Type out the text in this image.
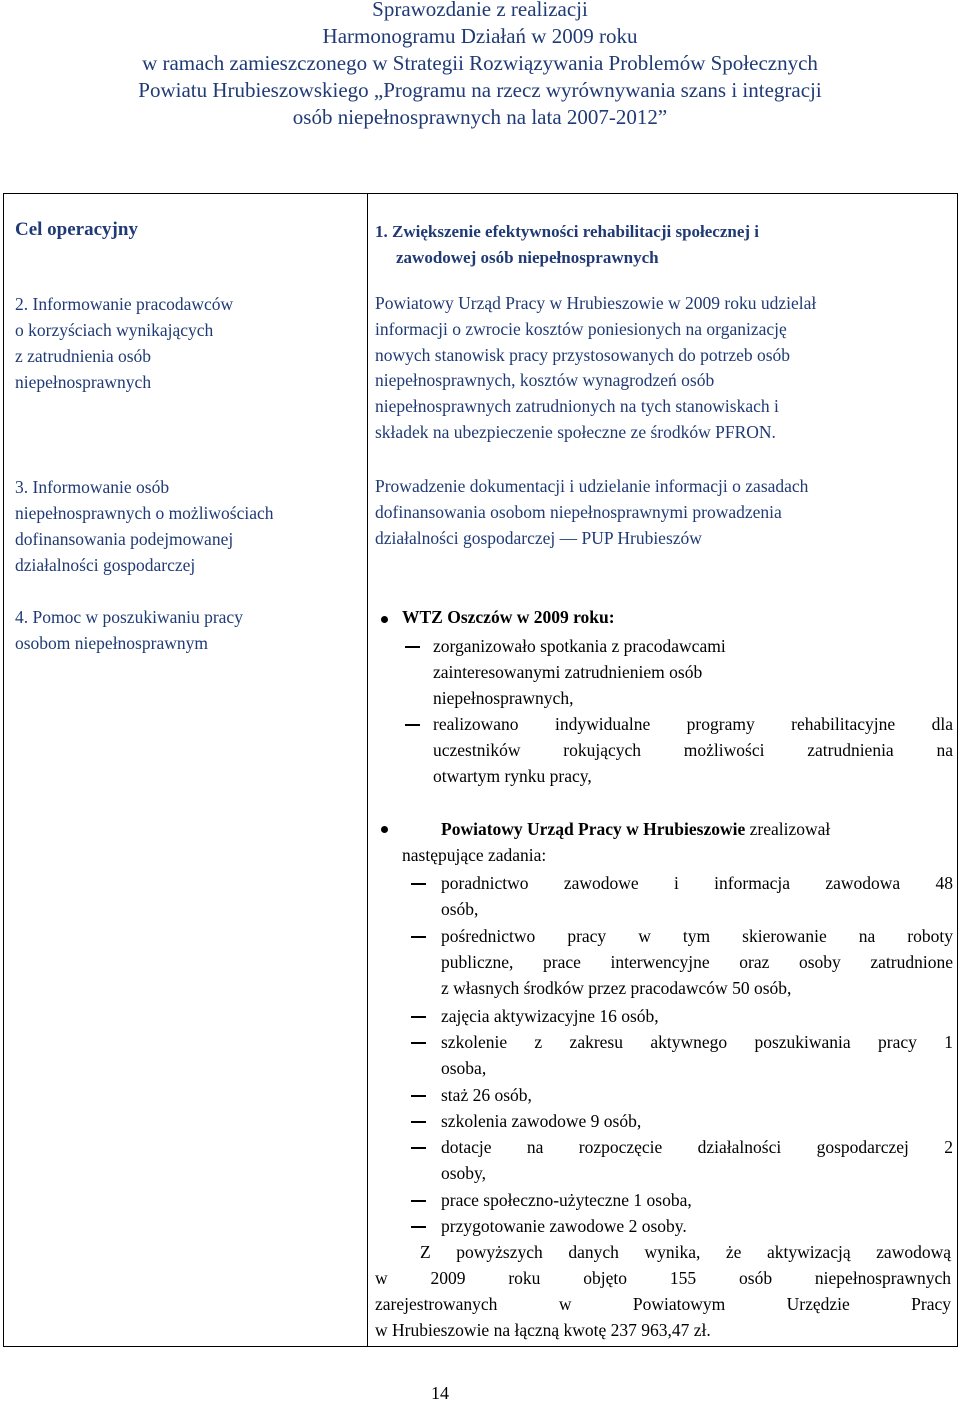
Sprawozdanie z realizacji
Harmonogramu Działań w 2009 roku
w ramach zamieszczonego w Strategii Rozwiązywania Problemów Społecznych
Powiatu Hrubieszowskiego „Programu na rzecz wyrównywania szans i integracji
osób niepełnosprawnych na lata 2007-2012”
Cel operacyjny	1. Zwiększenie efektywności rehabilitacji społecznej i
zawodowej osób niepełnosprawnych
2. Informowanie pracodawców
o korzyściach wynikających
z zatrudnienia osób
niepełnosprawnych
Powiatowy Urząd Pracy w Hrubieszowie w 2009 roku udzielał
informacji o zwrocie kosztów poniesionych na organizację
nowych stanowisk pracy przystosowanych do potrzeb osób
niepełnosprawnych, kosztów wynagrodzeń osób
niepełnosprawnych zatrudnionych na tych stanowiskach i
składek na ubezpieczenie społeczne ze środków PFRON.
3. Informowanie osób
niepełnosprawnych o możliwościach
dofinansowania podejmowanej
działalności gospodarczej
Prowadzenie dokumentacji i udzielanie informacji o zasadach
dofinansowania osobom niepełnosprawnymi prowadzenia
działalności gospodarczej — PUP Hrubieszów
4. Pomoc w poszukiwaniu pracy
osobom niepełnosprawnym
WTZ Oszczów w 2009 roku:
zorganizowało spotkania z pracodawcami
zainteresowanymi zatrudnieniem osób
niepełnosprawnych,
realizowano indywidualne programy rehabilitacyjne dla
uczestników rokujących możliwości zatrudnienia na
otwartym rynku pracy,
Powiatowy Urząd Pracy w Hrubieszowie zrealizował
następujące zadania:
poradnictwo zawodowe i informacja zawodowa 48
osób,
pośrednictwo pracy w tym skierowanie na roboty
publiczne, prace interwencyjne oraz osoby zatrudnione
z własnych środków przez pracodawców 50 osób,
zajęcia aktywizacyjne 16 osób,
szkolenie z zakresu aktywnego poszukiwania pracy 1
osoba,
staż 26 osób,
szkolenia zawodowe 9 osób,
dotacje na rozpoczęcie działalności gospodarczej 2
osoby,
prace społeczno-użyteczne 1 osoba,
przygotowanie zawodowe 2 osoby.
Z powyższych danych wynika, że aktywizacją zawodową
w 2009 roku objęto 155 osób niepełnosprawnych
zarejestrowanych w Powiatowym Urzędzie Pracy
w Hrubieszowie na łączną kwotę 237 963,47 zł.
14
